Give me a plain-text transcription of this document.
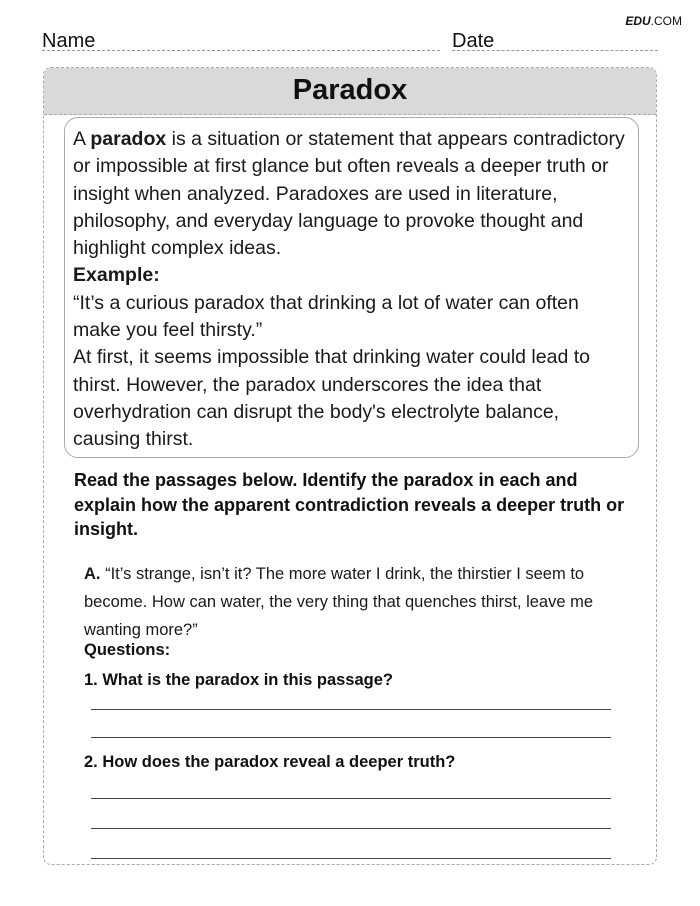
EDU.COM
Name	Date
Paradox

A paradox is a situation or statement that appears contradictory or impossible at first glance but often reveals a deeper truth or insight when analyzed. Paradoxes are used in literature, philosophy, and everyday language to provoke thought and highlight complex ideas.

Example:

“It’s a curious paradox that drinking a lot of water can often make you feel thirsty.”

At first, it seems impossible that drinking water could lead to thirst. However, the paradox underscores the idea that overhydration can disrupt the body's electrolyte balance, causing thirst.

Read the passages below. Identify the paradox in each and explain how the apparent contradiction reveals a deeper truth or insight.
A. “It’s strange, isn’t it? The more water I drink, the thirstier I seem to become. How can water, the very thing that quenches thirst, leave me wanting more?”
Questions:
1. What is the paradox in this passage?
2. How does the paradox reveal a deeper truth?
